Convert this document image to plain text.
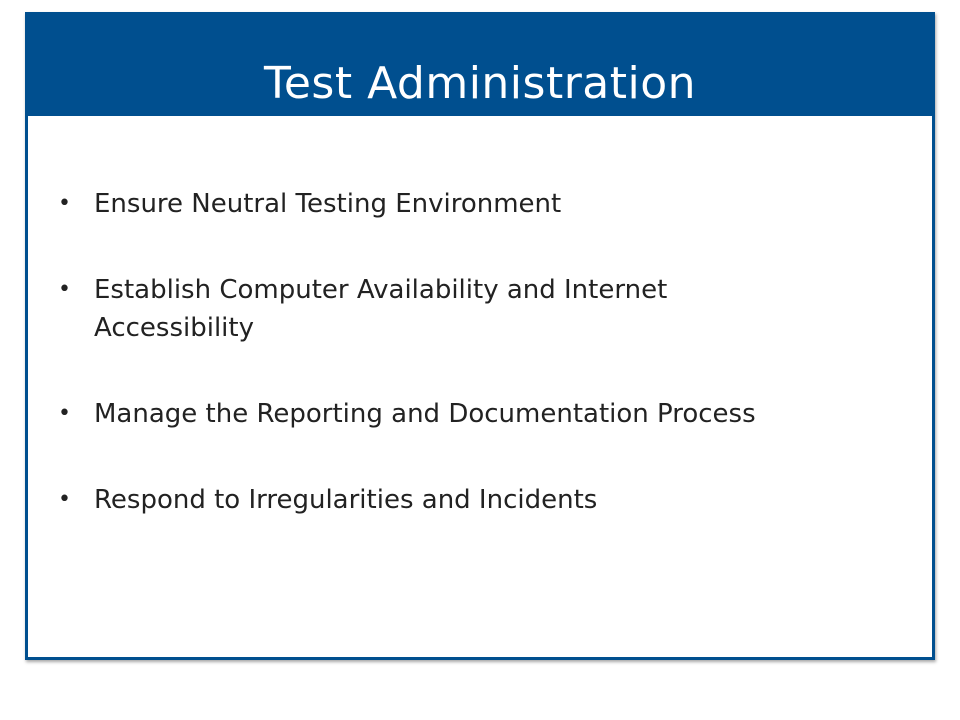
Test Administration
• Ensure Neutral Testing Environment
• Establish Computer Availability and Internet Accessibility
• Manage the Reporting and Documentation Process
• Respond to Irregularities and Incidents
